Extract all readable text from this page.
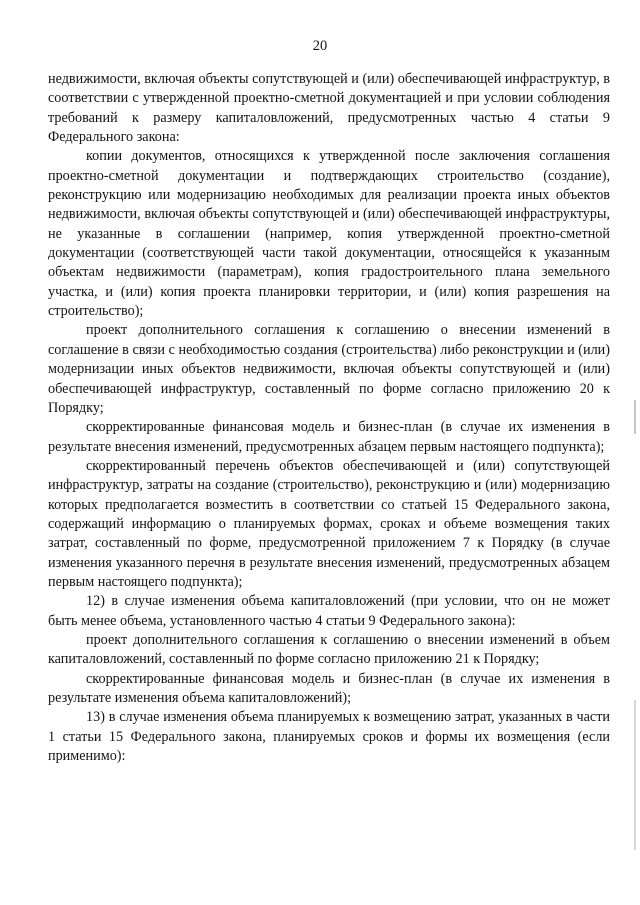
20

недвижимости, включая объекты сопутствующей и (или) обеспечивающей инфраструктур, в соответствии с утвержденной проектно-сметной документацией и при условии соблюдения требований к размеру капиталовложений, предусмотренных частью 4 статьи 9 Федерального закона:

копии документов, относящихся к утвержденной после заключения соглашения проектно-сметной документации и подтверждающих строительство (создание), реконструкцию или модернизацию необходимых для реализации проекта иных объектов недвижимости, включая объекты сопутствующей и (или) обеспечивающей инфраструктуры, не указанные в соглашении (например, копия утвержденной проектно-сметной документации (соответствующей части такой документации, относящейся к указанным объектам недвижимости (параметрам), копия градостроительного плана земельного участка, и (или) копия проекта планировки территории, и (или) копия разрешения на строительство);

проект дополнительного соглашения к соглашению о внесении изменений в соглашение в связи с необходимостью создания (строительства) либо реконструкции и (или) модернизации иных объектов недвижимости, включая объекты сопутствующей и (или) обеспечивающей инфраструктур, составленный по форме согласно приложению 20 к Порядку;

скорректированные финансовая модель и бизнес-план (в случае их изменения в результате внесения изменений, предусмотренных абзацем первым настоящего подпункта);

скорректированный перечень объектов обеспечивающей и (или) сопутствующей инфраструктур, затраты на создание (строительство), реконструкцию и (или) модернизацию которых предполагается возместить в соответствии со статьей 15 Федерального закона, содержащий информацию о планируемых формах, сроках и объеме возмещения таких затрат, составленный по форме, предусмотренной приложением 7 к Порядку (в случае изменения указанного перечня в результате внесения изменений, предусмотренных абзацем первым настоящего подпункта);

12) в случае изменения объема капиталовложений (при условии, что он не может быть менее объема, установленного частью 4 статьи 9 Федерального закона):

проект дополнительного соглашения к соглашению о внесении изменений в объем капиталовложений, составленный по форме согласно приложению 21 к Порядку;

скорректированные финансовая модель и бизнес-план (в случае их изменения в результате изменения объема капиталовложений);

13) в случае изменения объема планируемых к возмещению затрат, указанных в части 1 статьи 15 Федерального закона, планируемых сроков и формы их возмещения (если применимо):
